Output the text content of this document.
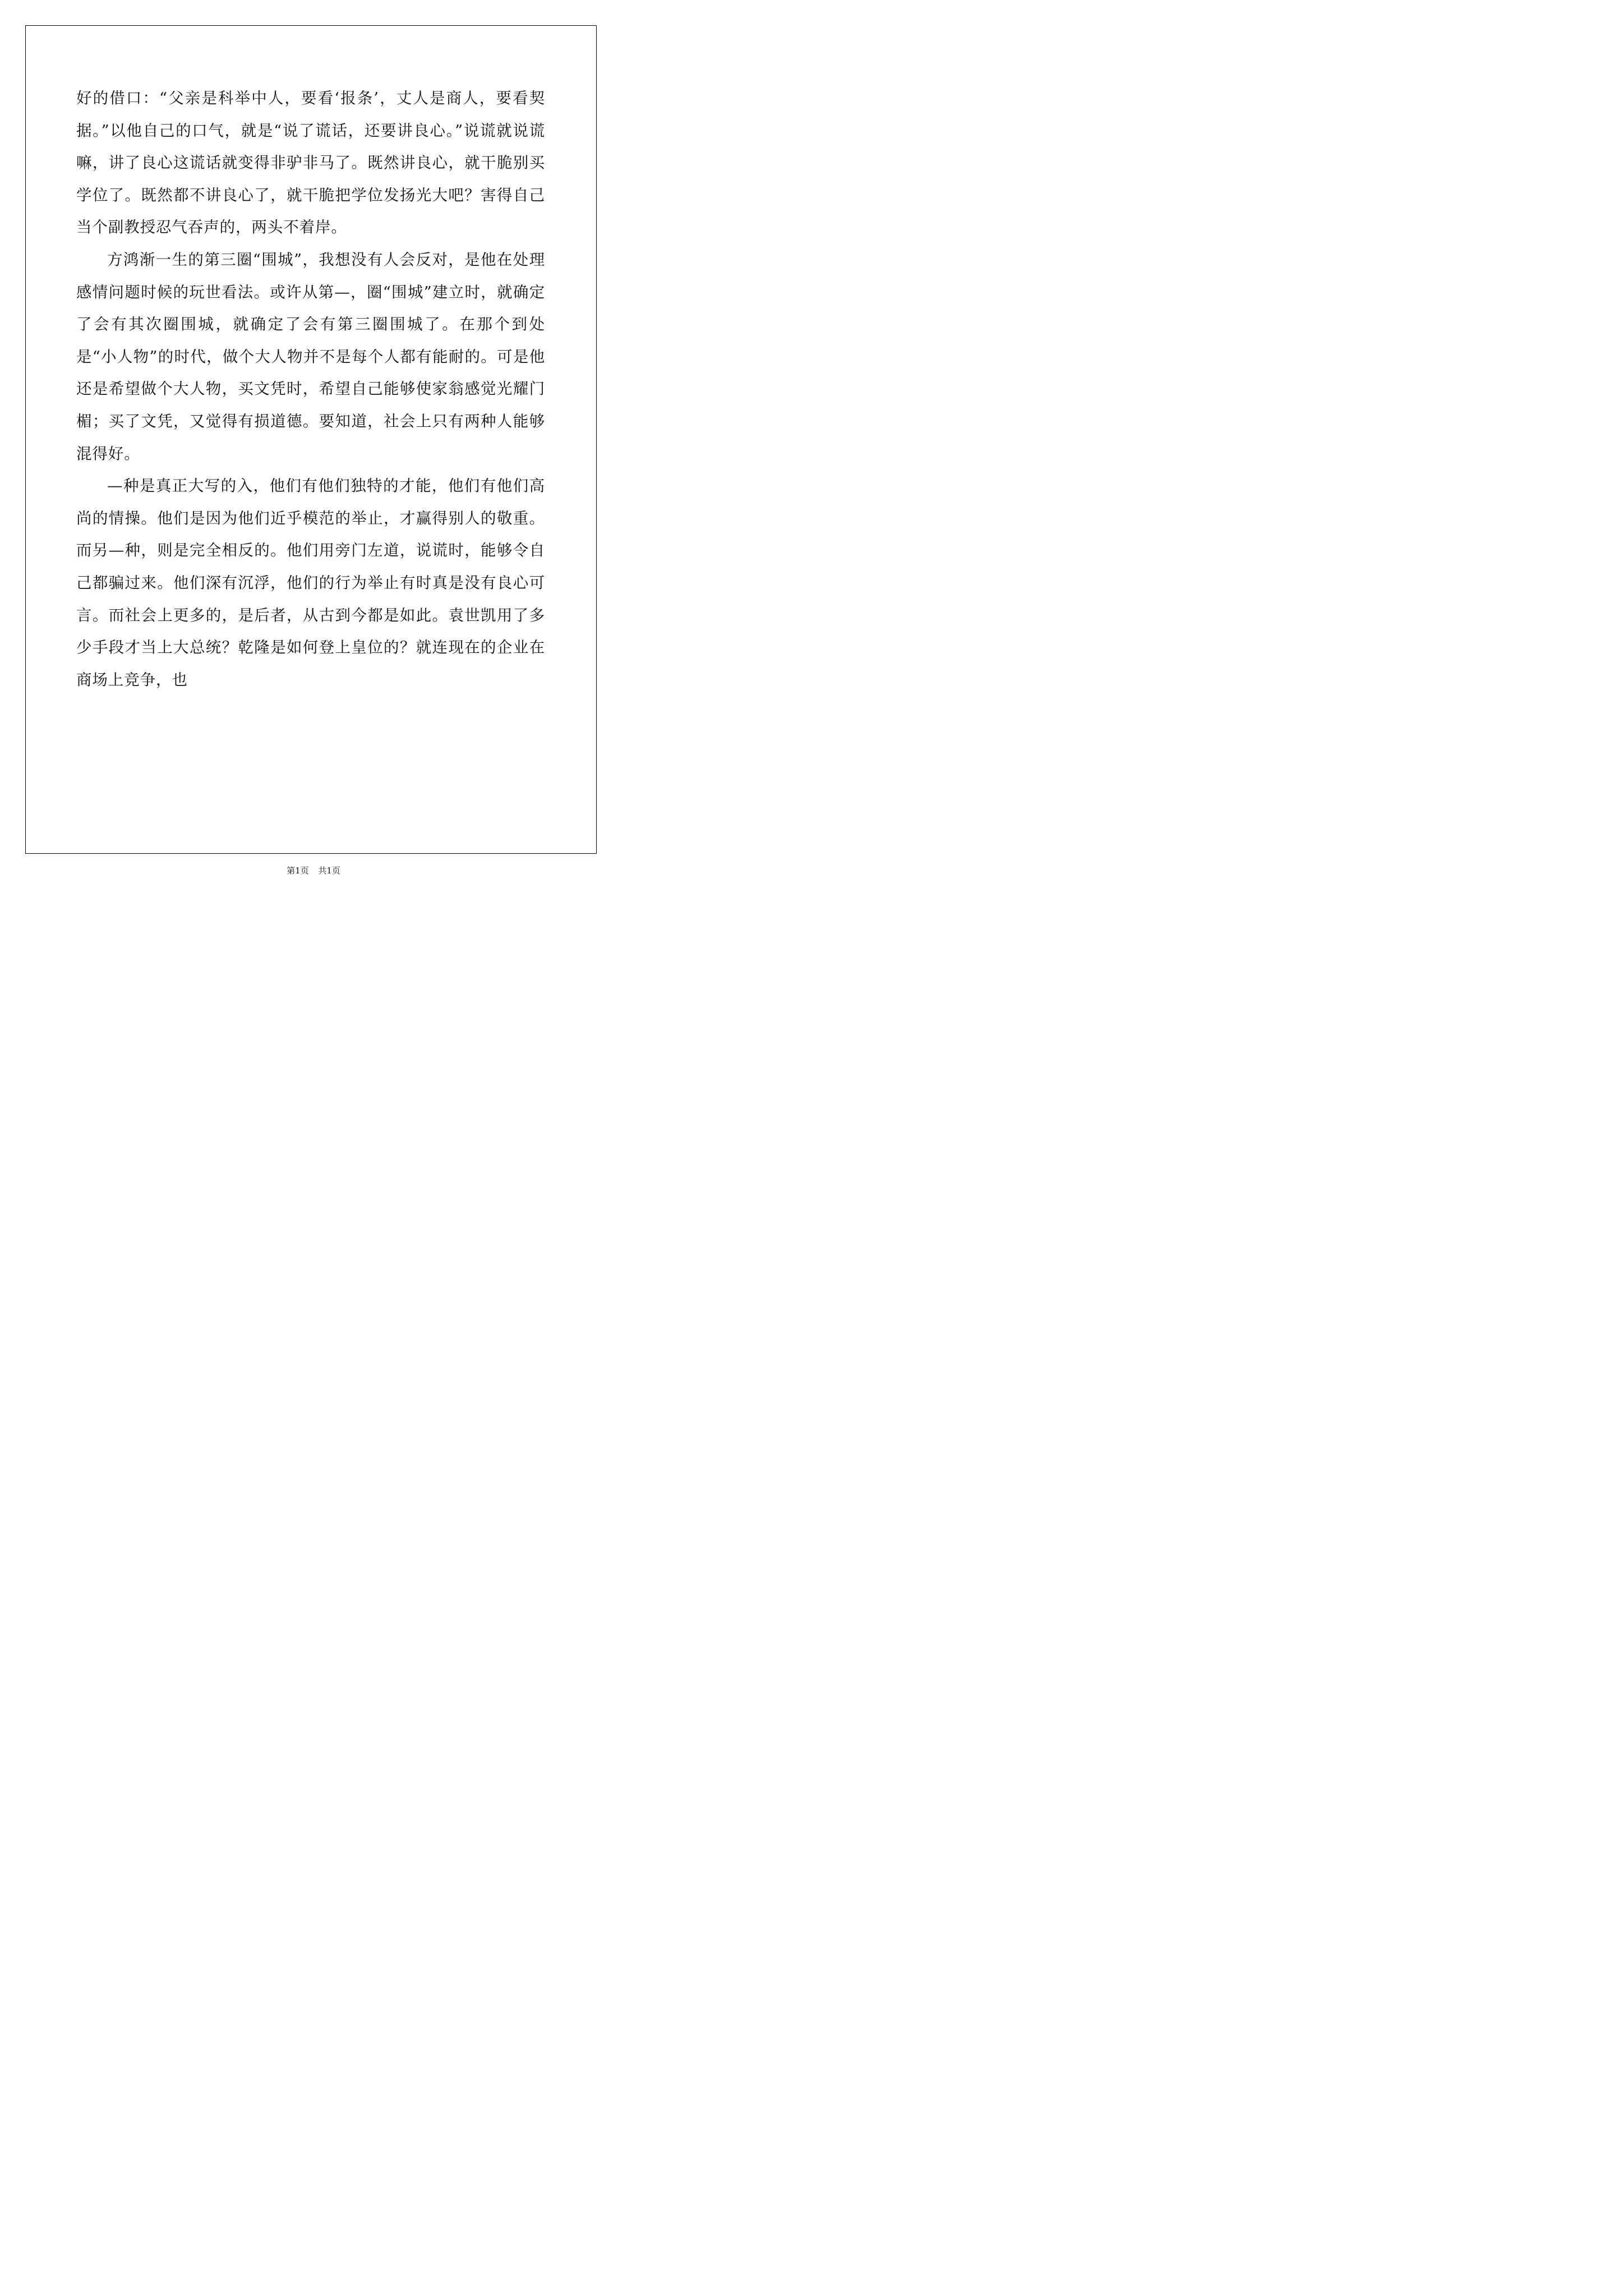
好的借口：“父亲是科举中人，要看‘报条’，丈人是商人，要看契据。”以他自己的口气，就是“说了谎话，还要讲良心。”说谎就说谎嘛，讲了良心这谎话就变得非驴非马了。既然讲良心，就干脆别买学位了。既然都不讲良心了，就干脆把学位发扬光大吧？害得自己当个副教授忍气吞声的，两头不着岸。

方鸿渐一生的第三圈“围城”，我想没有人会反对，是他在处理感情问题时候的玩世看法。或许从第—，圈“围城”建立时，就确定了会有其次圈围城，就确定了会有第三圈围城了。在那个到处是“小人物”的时代，做个大人物并不是每个人都有能耐的。可是他还是希望做个大人物，买文凭时，希望自己能够使家翁感觉光耀门楣；买了文凭，又觉得有损道德。要知道，社会上只有两种人能够混得好。

—种是真正大写的入，他们有他们独特的才能，他们有他们高尚的情操。他们是因为他们近乎模范的举止，才赢得别人的敬重。而另—种，则是完全相反的。他们用旁门左道，说谎时，能够令自己都骗过来。他们深有沉浮，他们的行为举止有时真是没有良心可言。而社会上更多的，是后者，从古到今都是如此。袁世凯用了多少手段才当上大总统？乾隆是如何登上皇位的？就连现在的企业在商场上竞争，也

第1页 共1页
